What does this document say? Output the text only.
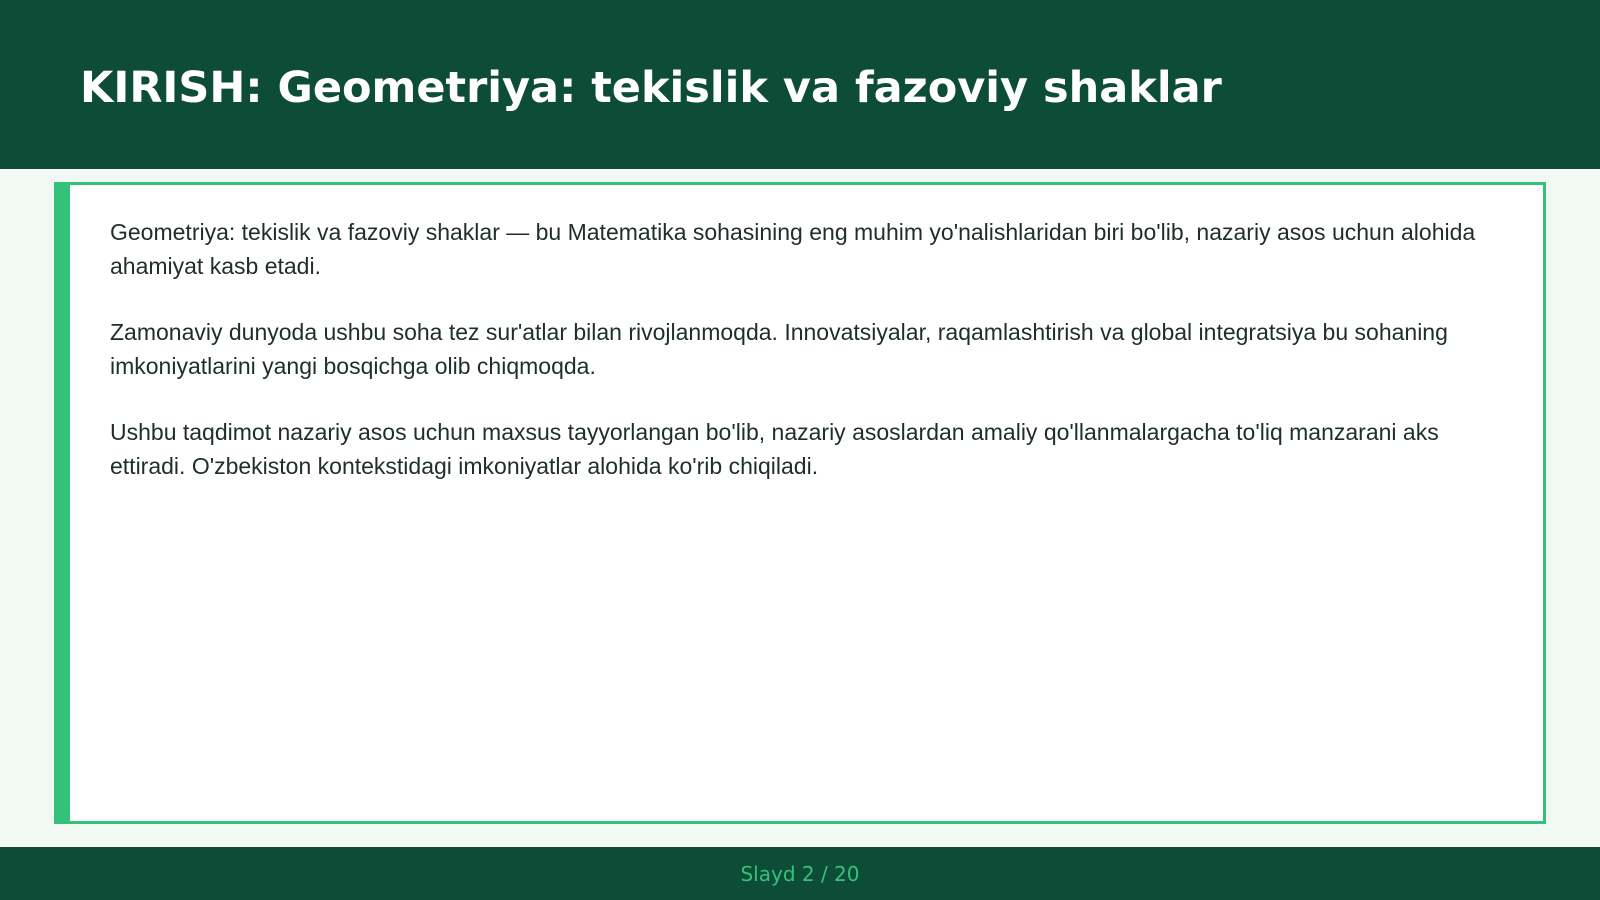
KIRISH: Geometriya: tekislik va fazoviy shaklar

Geometriya: tekislik va fazoviy shaklar — bu Matematika sohasining eng muhim yo'nalishlaridan biri bo'lib, nazariy asos uchun alohida ahamiyat kasb etadi.

Zamonaviy dunyoda ushbu soha tez sur'atlar bilan rivojlanmoqda. Innovatsiyalar, raqamlashtirish va global integratsiya bu sohaning imkoniyatlarini yangi bosqichga olib chiqmoqda.

Ushbu taqdimot nazariy asos uchun maxsus tayyorlangan bo'lib, nazariy asoslardan amaliy qo'llanmalargacha to'liq manzarani aks ettiradi. O'zbekiston kontekstidagi imkoniyatlar alohida ko'rib chiqiladi.

Slayd 2 / 20
